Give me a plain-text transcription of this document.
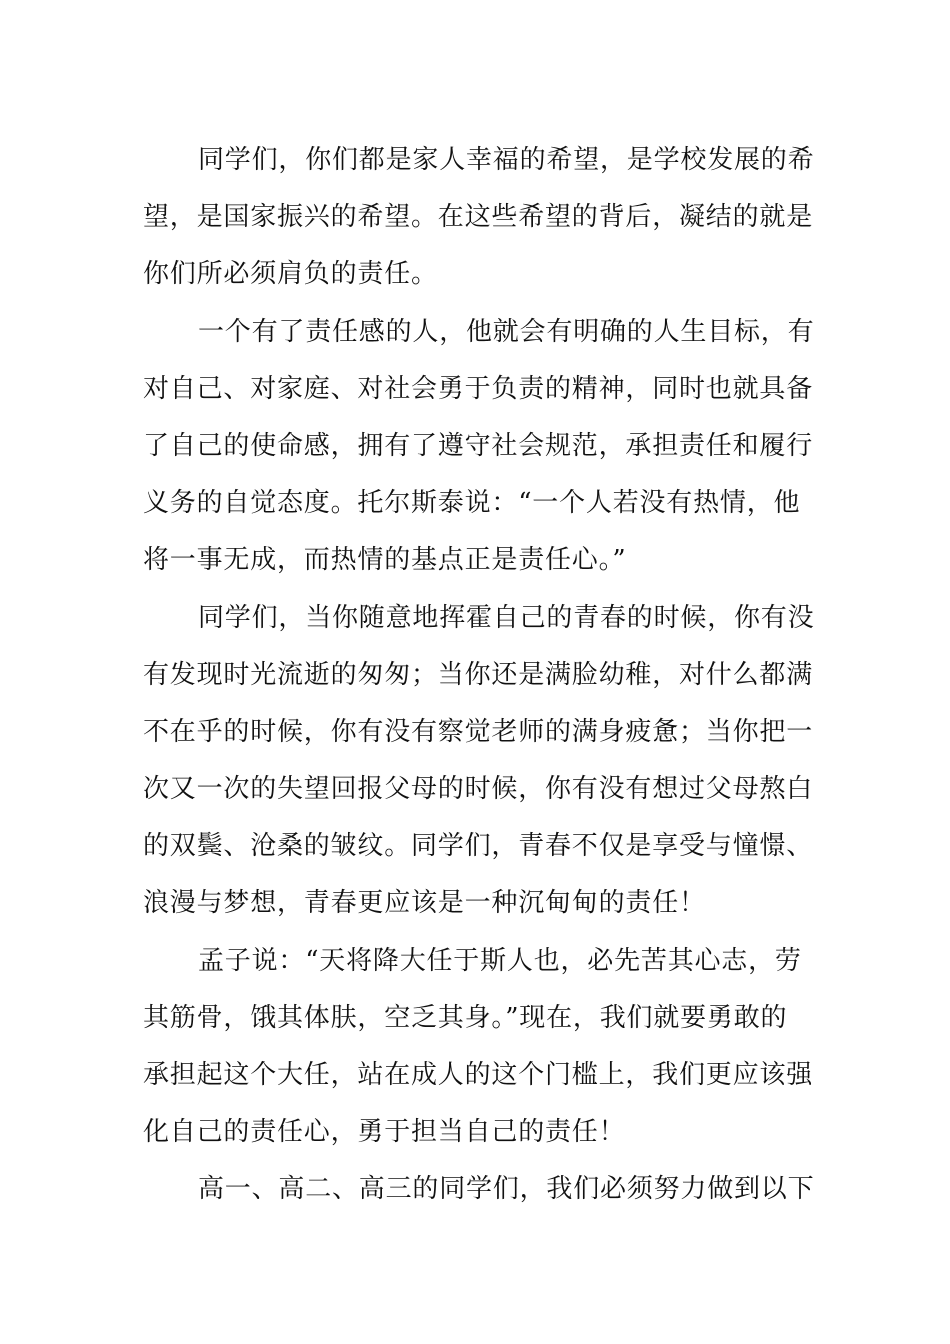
同学们，你们都是家人幸福的希望，是学校发展的希
望，是国家振兴的希望。在这些希望的背后，凝结的就是
你们所必须肩负的责任。
一个有了责任感的人，他就会有明确的人生目标，有
对自己、对家庭、对社会勇于负责的精神，同时也就具备
了自己的使命感，拥有了遵守社会规范，承担责任和履行
义务的自觉态度。托尔斯泰说：“一个人若没有热情，他
将一事无成，而热情的基点正是责任心。”
同学们，当你随意地挥霍自己的青春的时候，你有没
有发现时光流逝的匆匆；当你还是满脸幼稚，对什么都满
不在乎的时候，你有没有察觉老师的满身疲惫；当你把一
次又一次的失望回报父母的时候，你有没有想过父母熬白
的双鬓、沧桑的皱纹。同学们，青春不仅是享受与憧憬、
浪漫与梦想，青春更应该是一种沉甸甸的责任！
孟子说：“天将降大任于斯人也，必先苦其心志，劳
其筋骨，饿其体肤，空乏其身。”现在，我们就要勇敢的
承担起这个大任，站在成人的这个门槛上，我们更应该强
化自己的责任心，勇于担当自己的责任！
高一、高二、高三的同学们，我们必须努力做到以下
